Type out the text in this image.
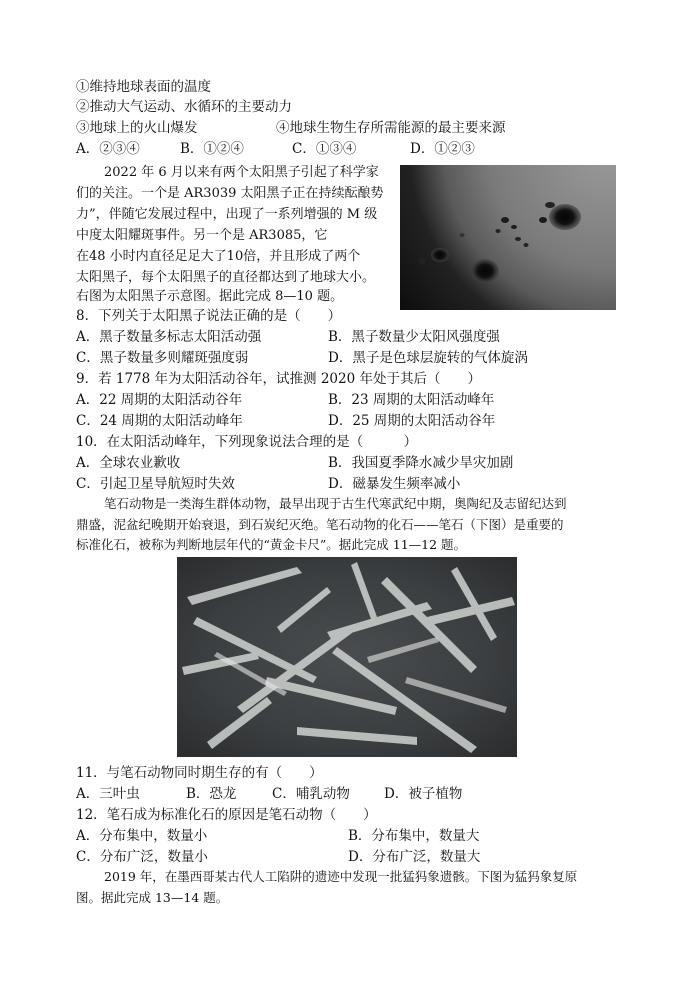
①维持地球表面的温度
②推动大气运动、水循环的主要动力
③地球上的火山爆发	④地球生物生存所需能源的最主要来源
A．②③④	B．①②④	C．①③④	D．①②③
2022 年 6 月以来有两个太阳黑子引起了科学家
们的关注。一个是 AR3039 太阳黑子正在持续酝酿势
力”，伴随它发展过程中，出现了一系列增强的 M 级
中度太阳耀斑事件。另一个是 AR3085，它
在48 小时内直径足足大了10倍，并且形成了两个
太阳黑子，每个太阳黑子的直径都达到了地球大小。
右图为太阳黑子示意图。据此完成 8—10 题。
8．下列关于太阳黑子说法正确的是（　　）
A．黑子数量多标志太阳活动强	B．黑子数量少太阳风强度强
C．黑子数量多则耀斑强度弱	D．黑子是色球层旋转的气体旋涡
9．若 1778 年为太阳活动谷年，试推测 2020 年处于其后（　　）
A．22 周期的太阳活动谷年	B．23 周期的太阳活动峰年
C．24 周期的太阳活动峰年	D．25 周期的太阳活动谷年
10．在太阳活动峰年，下列现象说法合理的是（　　　）
A．全球农业歉收	B．我国夏季降水减少旱灾加剧
C．引起卫星导航短时失效	D．磁暴发生频率减小
笔石动物是一类海生群体动物，最早出现于古生代寒武纪中期，奥陶纪及志留纪达到
鼎盛，泥盆纪晚期开始衰退，到石炭纪灭绝。笔石动物的化石——笔石（下图）是重要的
标准化石，被称为判断地层年代的“黄金卡尺”。据此完成 11—12 题。
11．与笔石动物同时期生存的有（　　）
A．三叶虫	B．恐龙	C．哺乳动物	D．被子植物
12．笔石成为标准化石的原因是笔石动物（　　）
A．分布集中，数量小	B．分布集中，数量大
C．分布广泛，数量小	D．分布广泛，数量大
2019 年，在墨西哥某古代人工陷阱的遗迹中发现一批猛犸象遗骸。下图为猛犸象复原
图。据此完成 13—14 题。
